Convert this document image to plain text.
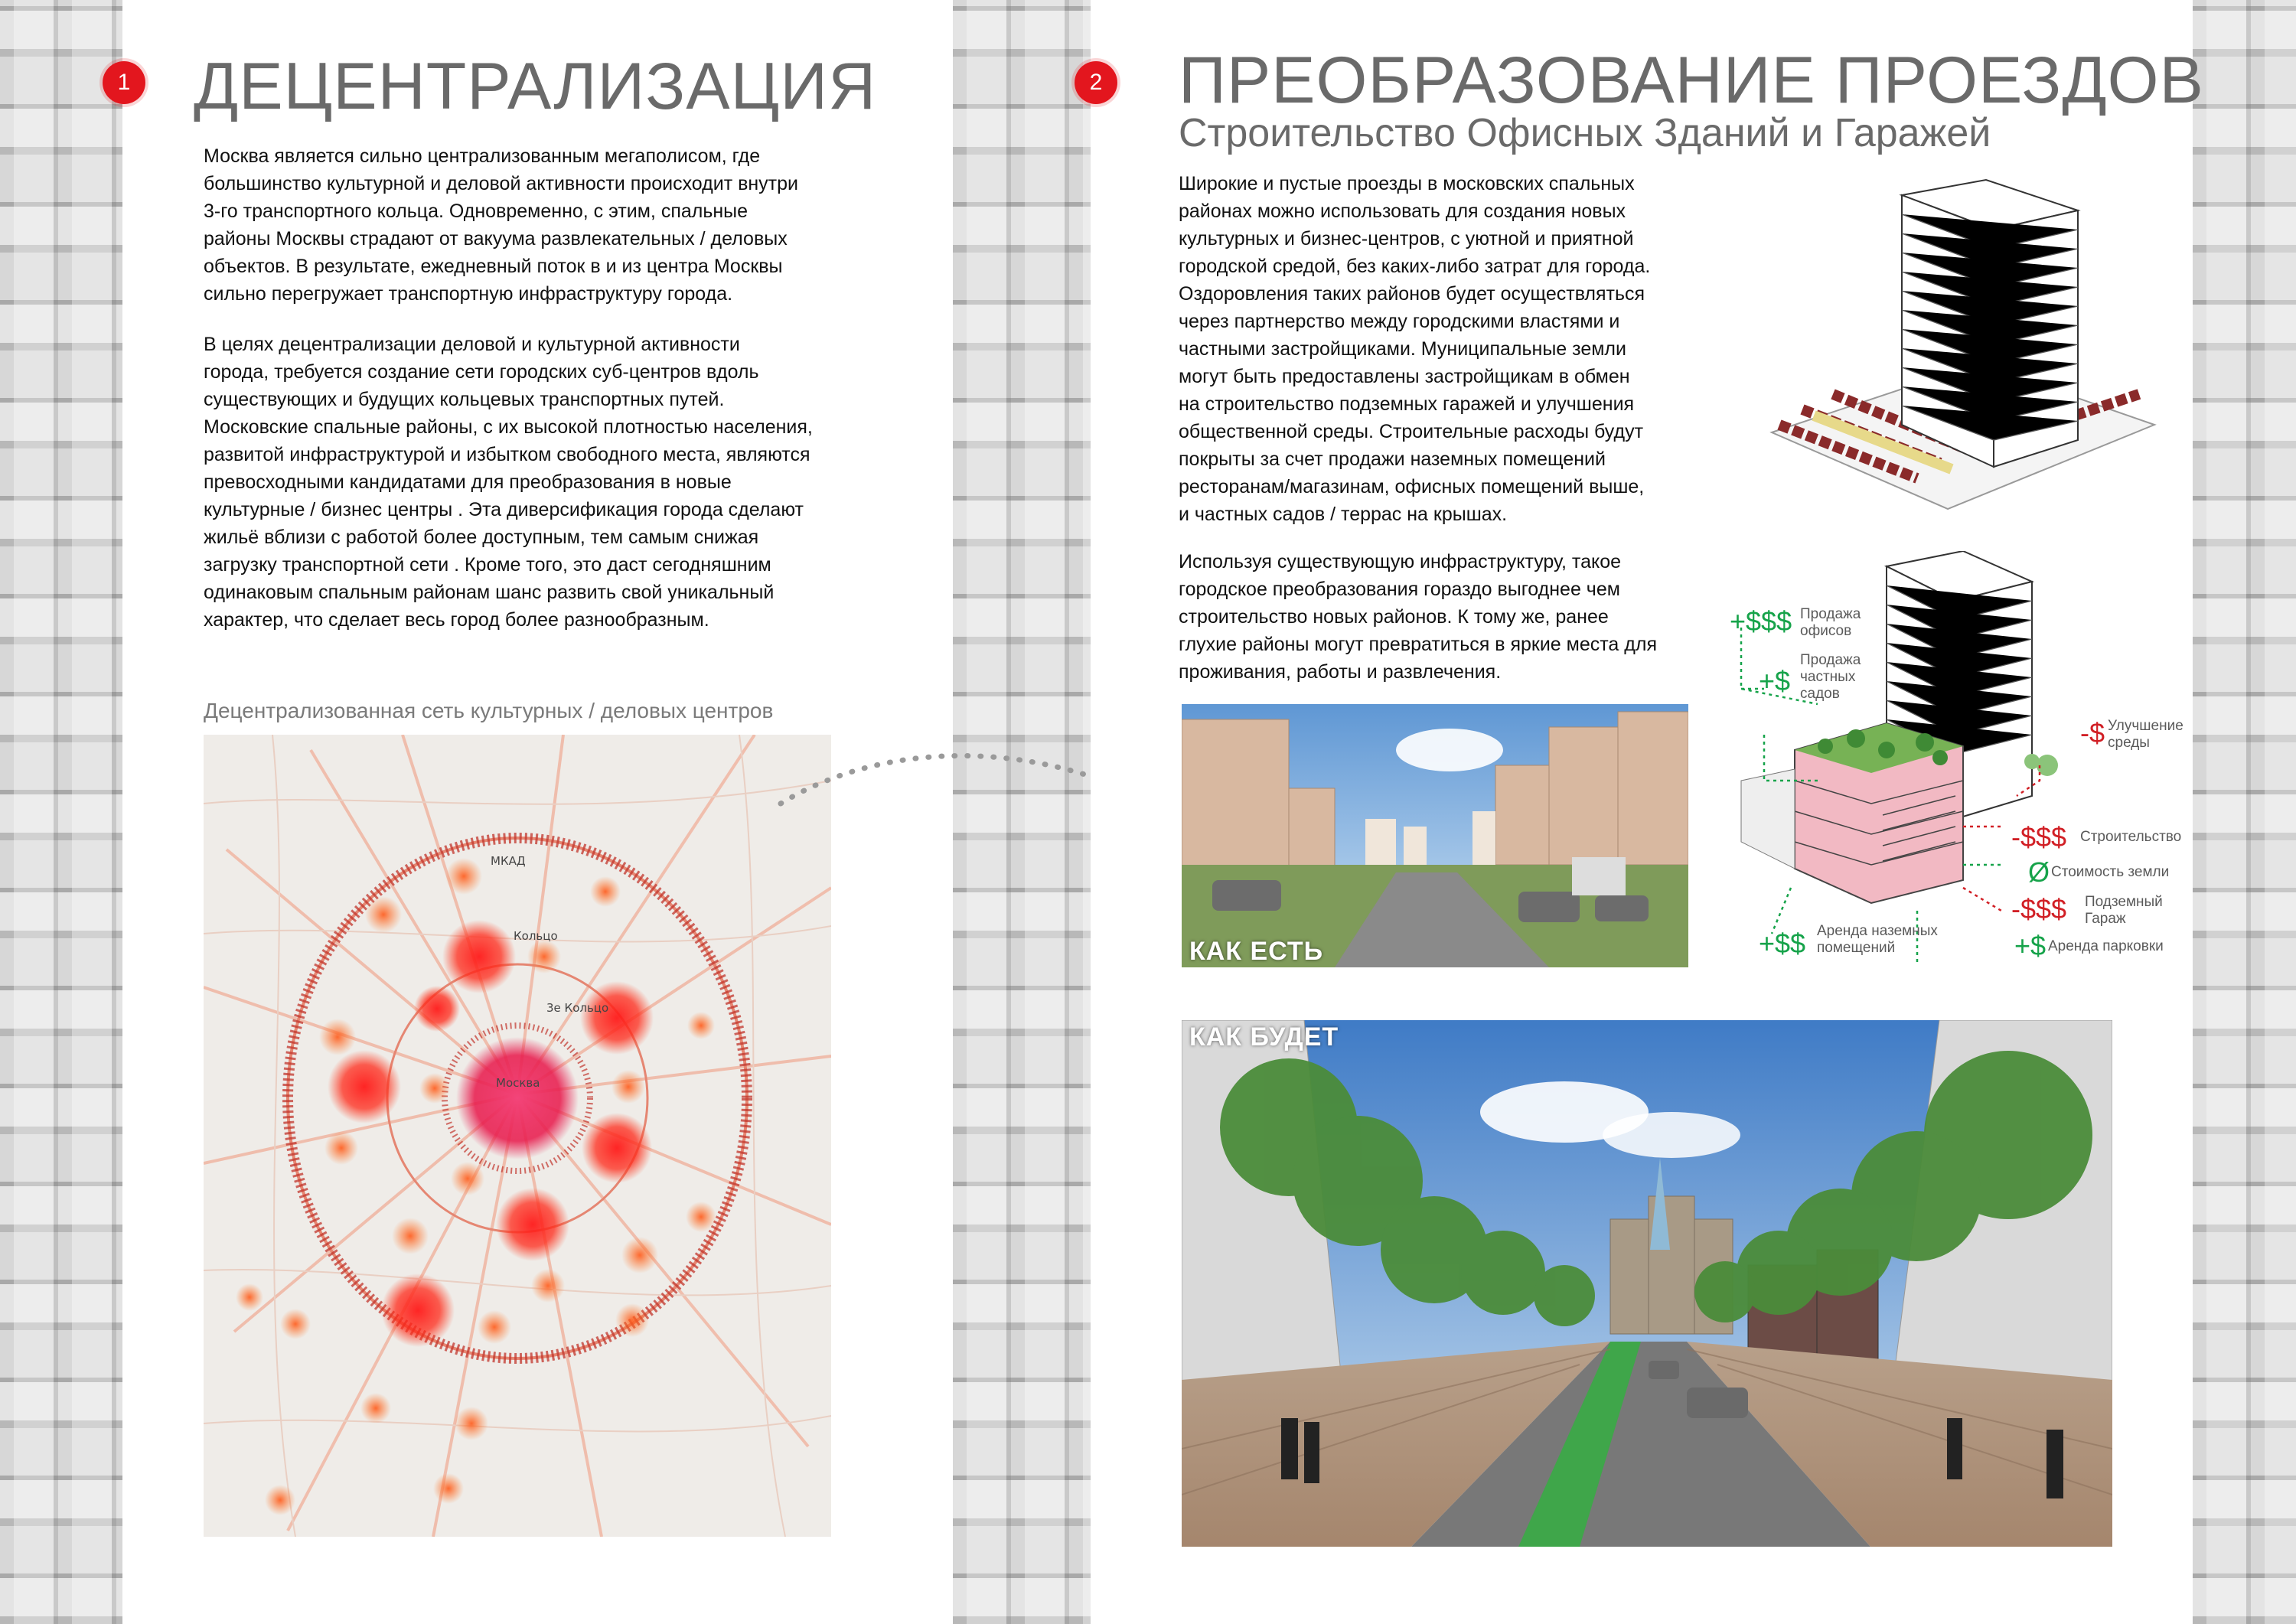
1 ДЕЦЕНТРАЛИЗАЦИЯ
Москва является сильно централизованным мегаполисом, где
большинство культурной и деловой активности происходит внутри
3-го транспортного кольца. Одновременно, с этим, спальные
районы Москвы страдают от вакуума развлекательных / деловых
объектов. В результате, ежедневный поток в и из центра Москвы
сильно перегружает транспортную инфраструктуру города.
В целях децентрализации деловой и культурной активности
города, требуется создание сети городских суб-центров вдоль
существующих и будущих кольцевых транспортных путей.
Московские спальные районы, с их высокой плотностью населения,
развитой инфраструктурой и избытком свободного места, являются
превосходными кандидатами для преобразования в новые
культурные / бизнес центры . Эта диверсификация города сделают
жильё вблизи с работой более доступным, тем самым снижая
загрузку транспортной сети . Кроме того, это даст сегодняшним
одинаковым спальным районам шанс развить свой уникальный
характер, что сделает весь город более разнообразным.
Децентрализованная сеть культурных / деловых центров
Москва
МКАД
3е Кольцо
Кольцо
2 ПРЕОБРАЗОВАНИЕ ПРОЕЗДОВ
Строительство Офисных Зданий и Гаражей
Широкие и пустые проезды в московских спальных
районах можно использовать для создания новых
культурных и бизнес-центров, с уютной и приятной
городской средой, без каких-либо затрат для города.
Оздоровления таких районов будет осуществляться
через партнерство между городскими властями и
частными застройщиками. Муниципальные земли
могут быть предоставлены застройщикам в обмен
на строительство подземных гаражей и улучшения
общественной среды. Строительные расходы будут
покрыты за счет продажи наземных помещений
ресторанам/магазинам, офисных помещений выше,
и частных садов / террас на крышах.
Используя существующую инфраструктуру, такое
городское преобразования гораздо выгоднее чем
строительство новых районов. К тому же, ранее
глухие районы могут превратиться в яркие места для
проживания, работы и развлечения.
+$$$ Продажа
офисов
+$
Продажа
частных
садов
-$ Улучшение
среды
-$$$ Строительство
Ø Стоимость земли
-$$$ Подземный
Гараж
+$$ Аренда наземных
помещений	+$ Аренда парковки
КАК ЕСТЬ
КАК БУДЕТ
